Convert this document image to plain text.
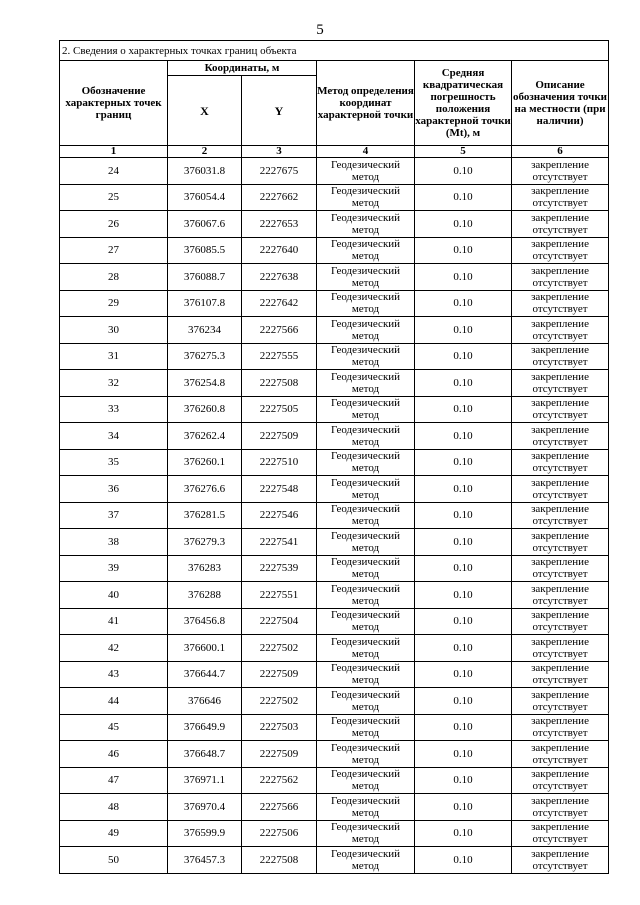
5
2. Сведения о характерных точках границ объекта					
Обозначение характерных точек границ	Координаты, м		Метод определения координат характерной точки	Средняя квадратическая погрешность положения характерной точки (Mt), м	Описание обозначения точки на местности (при наличии)
	X	Y			
1	2	3	4	5	6
24	376031.8	2227675	Геодезический метод	0.10	закрепление отсутствует
25	376054.4	2227662	Геодезический метод	0.10	закрепление отсутствует
26	376067.6	2227653	Геодезический метод	0.10	закрепление отсутствует
27	376085.5	2227640	Геодезический метод	0.10	закрепление отсутствует
28	376088.7	2227638	Геодезический метод	0.10	закрепление отсутствует
29	376107.8	2227642	Геодезический метод	0.10	закрепление отсутствует
30	376234	2227566	Геодезический метод	0.10	закрепление отсутствует
31	376275.3	2227555	Геодезический метод	0.10	закрепление отсутствует
32	376254.8	2227508	Геодезический метод	0.10	закрепление отсутствует
33	376260.8	2227505	Геодезический метод	0.10	закрепление отсутствует
34	376262.4	2227509	Геодезический метод	0.10	закрепление отсутствует
35	376260.1	2227510	Геодезический метод	0.10	закрепление отсутствует
36	376276.6	2227548	Геодезический метод	0.10	закрепление отсутствует
37	376281.5	2227546	Геодезический метод	0.10	закрепление отсутствует
38	376279.3	2227541	Геодезический метод	0.10	закрепление отсутствует
39	376283	2227539	Геодезический метод	0.10	закрепление отсутствует
40	376288	2227551	Геодезический метод	0.10	закрепление отсутствует
41	376456.8	2227504	Геодезический метод	0.10	закрепление отсутствует
42	376600.1	2227502	Геодезический метод	0.10	закрепление отсутствует
43	376644.7	2227509	Геодезический метод	0.10	закрепление отсутствует
44	376646	2227502	Геодезический метод	0.10	закрепление отсутствует
45	376649.9	2227503	Геодезический метод	0.10	закрепление отсутствует
46	376648.7	2227509	Геодезический метод	0.10	закрепление отсутствует
47	376971.1	2227562	Геодезический метод	0.10	закрепление отсутствует
48	376970.4	2227566	Геодезический метод	0.10	закрепление отсутствует
49	376599.9	2227506	Геодезический метод	0.10	закрепление отсутствует
50	376457.3	2227508	Геодезический метод	0.10	закрепление отсутствует
